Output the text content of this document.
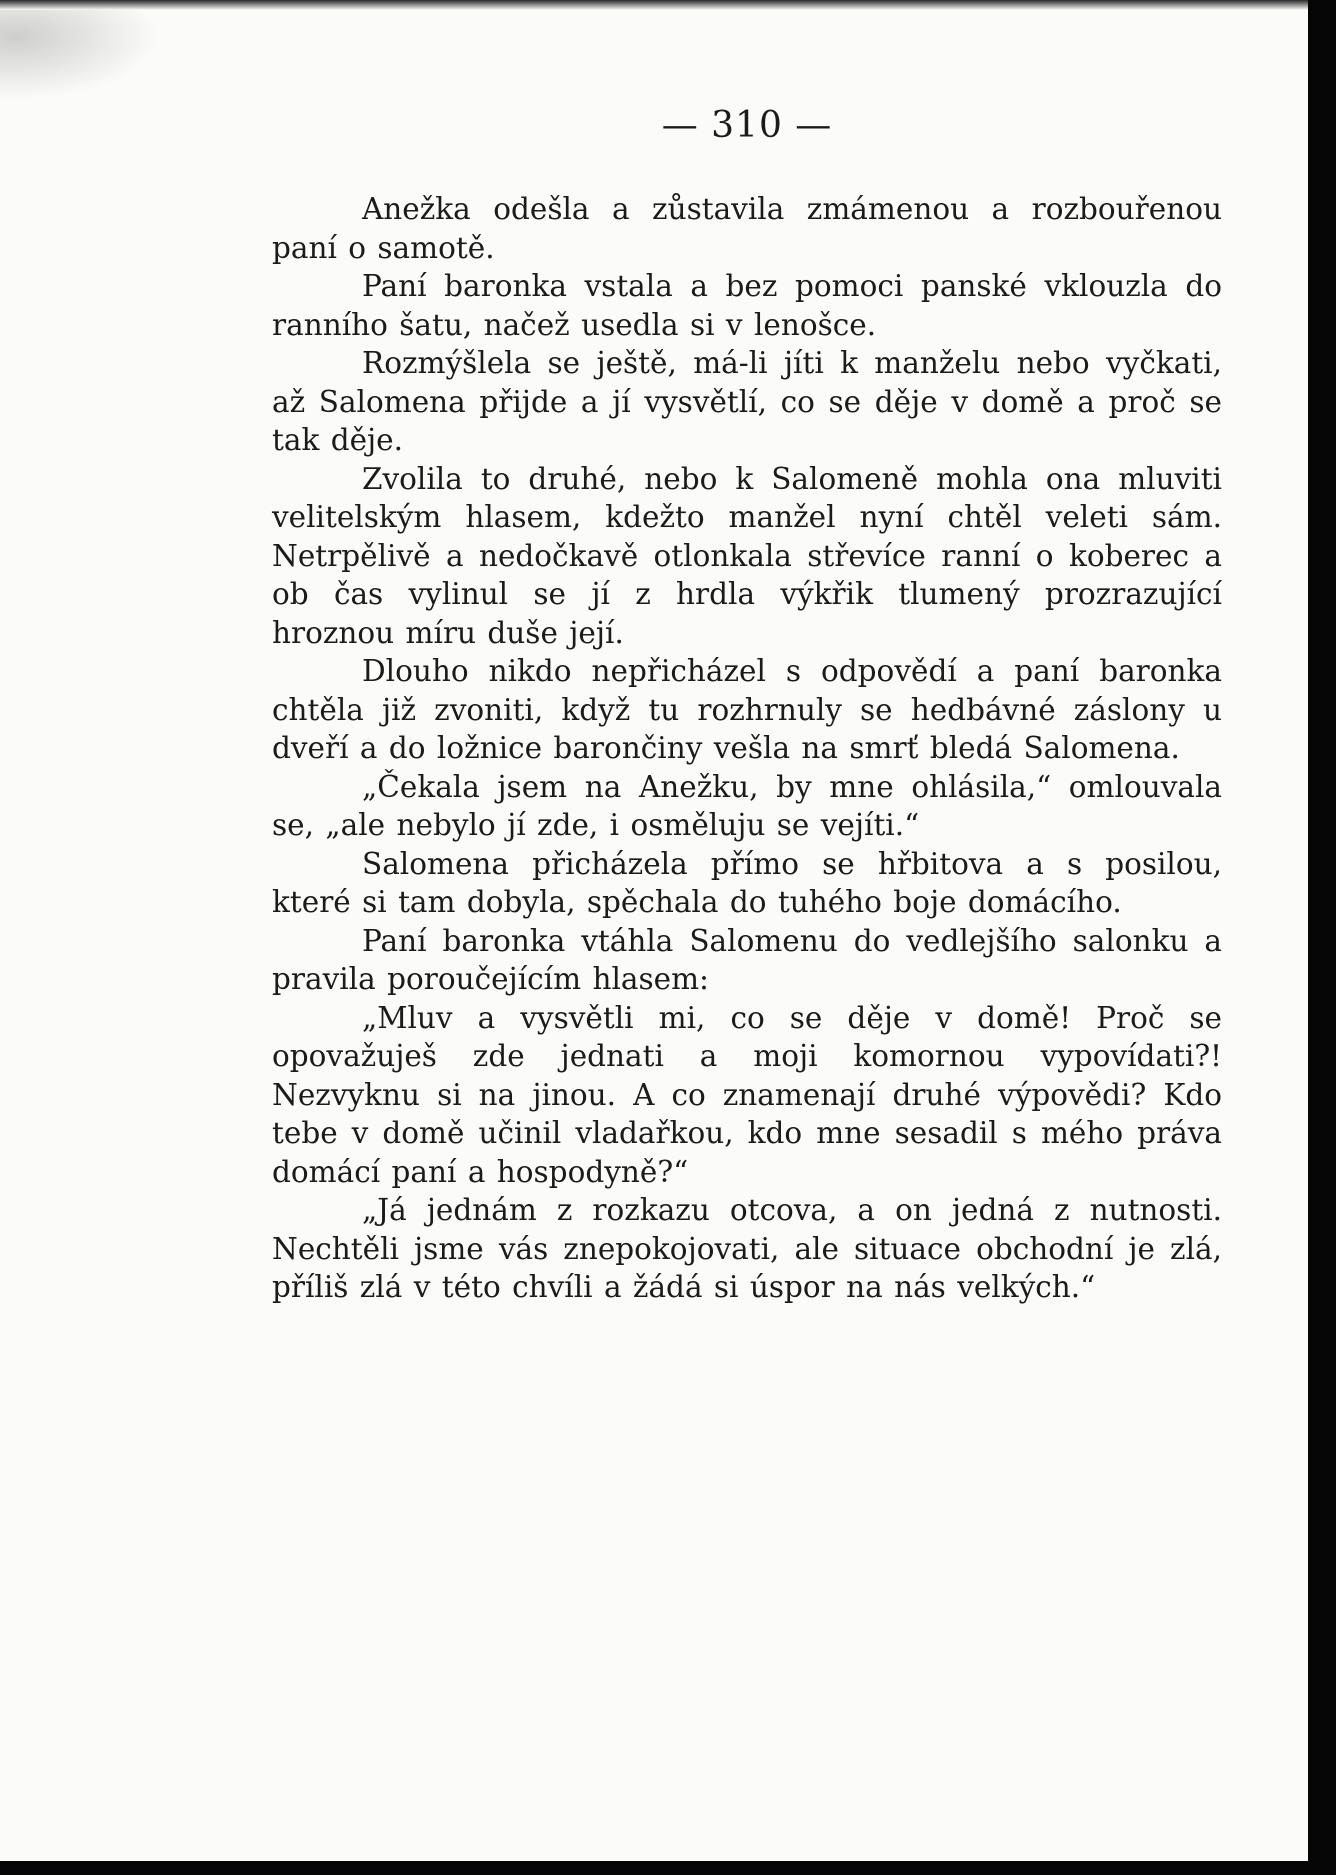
— 310 —

Anežka odešla a zůstavila zmámenou a rozbouřenou paní o samotě.

Paní baronka vstala a bez pomoci panské vklouzla do ranního šatu, načež usedla si v lenošce.

Rozmýšlela se ještě, má-li jíti k manželu nebo vyčkati, až Salomena přijde a jí vysvětlí, co se děje v domě a proč se tak děje.

Zvolila to druhé, nebo k Salomeně mohla ona mluviti velitelským hlasem, kdežto manžel nyní chtěl veleti sám. Netrpělivě a nedočkavě otlonkala střevíce ranní o koberec a ob čas vylinul se jí z hrdla výkřik tlumený prozrazující hroznou míru duše její.

Dlouho nikdo nepřicházel s odpovědí a paní baronka chtěla již zvoniti, když tu rozhrnuly se hedbávné záslony u dveří a do ložnice barončiny vešla na smrť bledá Salomena.

„Čekala jsem na Anežku, by mne ohlásila,“ omlouvala se, „ale nebylo jí zde, i osměluju se vejíti.“

Salomena přicházela přímo se hřbitova a s posilou, které si tam dobyla, spěchala do tuhého boje domácího.

Paní baronka vtáhla Salomenu do vedlejšího salonku a pravila poroučejícím hlasem:

„Mluv a vysvětli mi, co se děje v domě! Proč se opovažuješ zde jednati a moji komornou vypovídati?! Nezvyknu si na jinou. A co znamenají druhé výpovědi? Kdo tebe v domě učinil vladařkou, kdo mne sesadil s mého práva domácí paní a hospodyně?“

„Já jednám z rozkazu otcova, a on jedná z nutnosti. Nechtěli jsme vás znepokojovati, ale situace obchodní je zlá, příliš zlá v této chvíli a žádá si úspor na nás velkých.“
